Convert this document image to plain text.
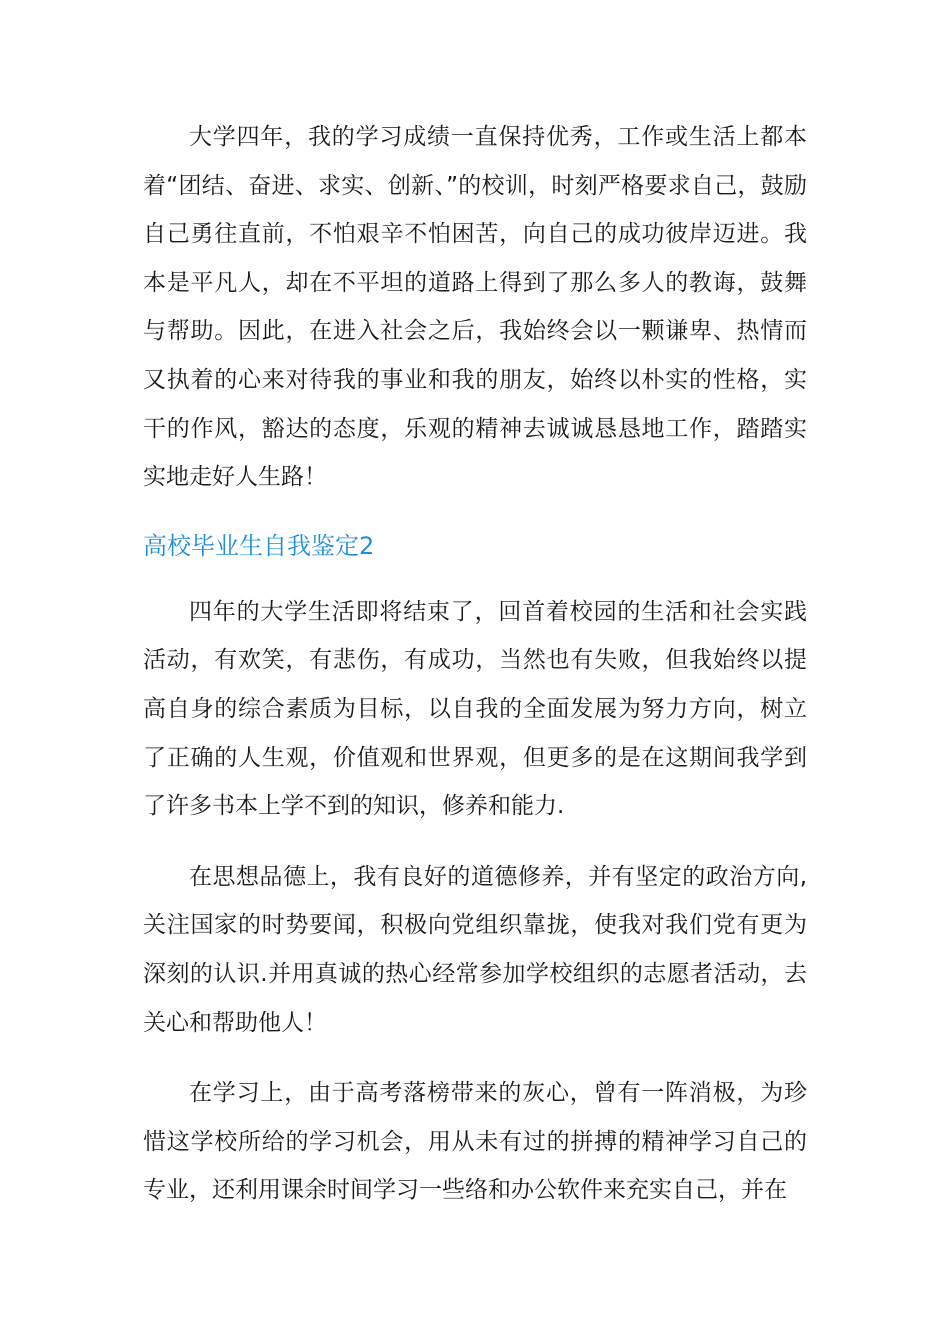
大学四年，我的学习成绩一直保持优秀，工作或生活上都本着“团结、奋进、求实、创新、”的校训，时刻严格要求自己，鼓励自己勇往直前，不怕艰辛不怕困苦，向自己的成功彼岸迈进。我本是平凡人，却在不平坦的道路上得到了那么多人的教诲，鼓舞与帮助。因此，在进入社会之后，我始终会以一颗谦卑、热情而又执着的心来对待我的事业和我的朋友，始终以朴实的性格，实干的作风，豁达的态度，乐观的精神去诚诚恳恳地工作，踏踏实实地走好人生路！

高校毕业生自我鉴定2

四年的大学生活即将结束了，回首着校园的生活和社会实践活动，有欢笑，有悲伤，有成功，当然也有失败，但我始终以提高自身的综合素质为目标，以自我的全面发展为努力方向，树立了正确的人生观，价值观和世界观，但更多的是在这期间我学到了许多书本上学不到的知识，修养和能力.

在思想品德上，我有良好的道德修养，并有坚定的政治方向,关注国家的时势要闻，积极向党组织靠拢，使我对我们党有更为深刻的认识.并用真诚的热心经常参加学校组织的志愿者活动，去关心和帮助他人！

在学习上，由于高考落榜带来的灰心，曾有一阵消极，为珍惜这学校所给的学习机会，用从未有过的拼搏的精神学习自己的专业，还利用课余时间学习一些络和办公软件来充实自己，并在
